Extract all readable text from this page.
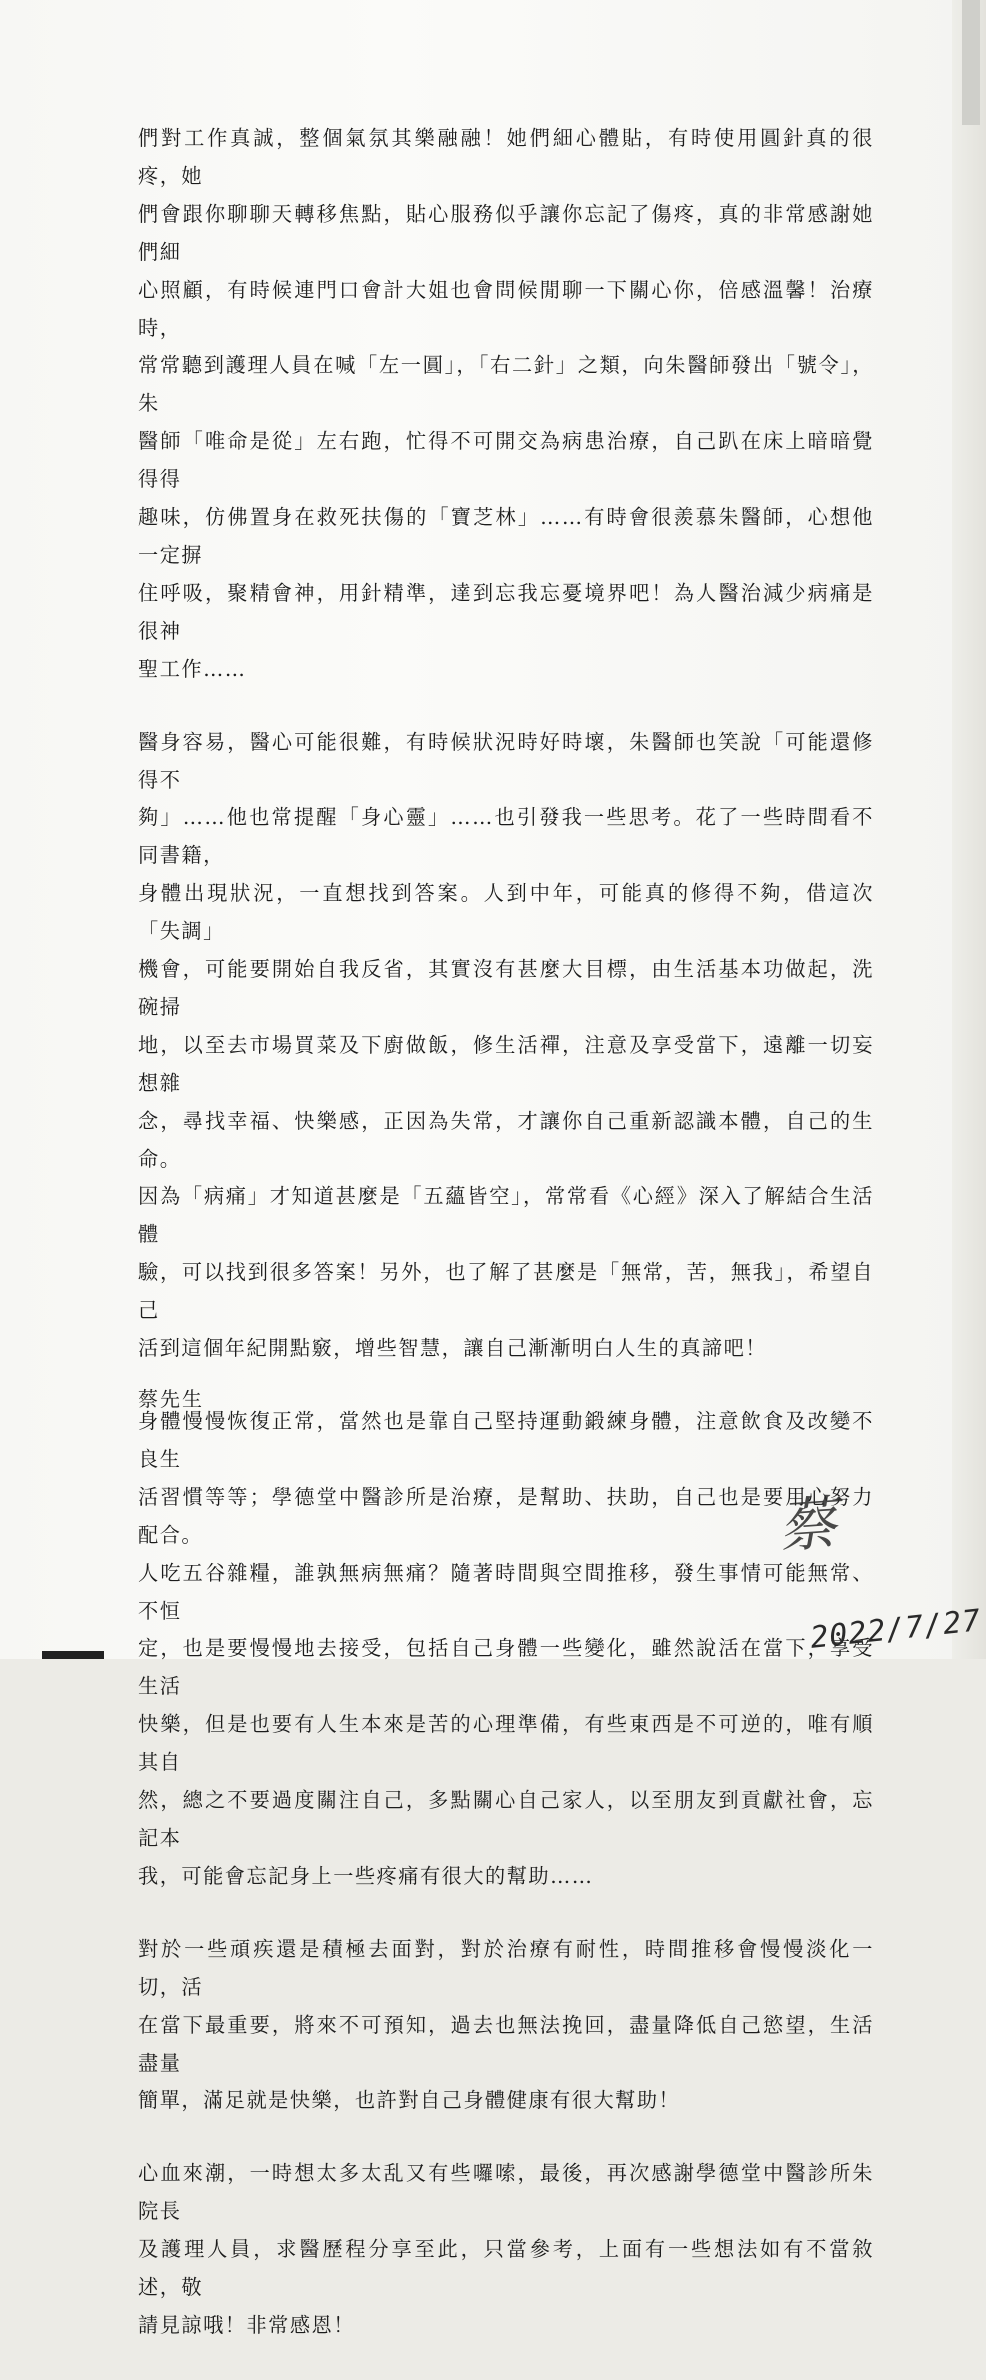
們對工作真誠，整個氣氛其樂融融！她們細心體貼，有時使用圓針真的很疼，她
們會跟你聊聊天轉移焦點，貼心服務似乎讓你忘記了傷疼，真的非常感謝她們細
心照顧，有時候連門口會計大姐也會問候閒聊一下關心你，倍感溫馨！治療時，
常常聽到護理人員在喊「左一圓」，「右二針」之類，向朱醫師發出「號令」，朱
醫師「唯命是從」左右跑，忙得不可開交為病患治療，自己趴在床上暗暗覺得得
趣味，仿佛置身在救死扶傷的「寶芝林」……有時會很羨慕朱醫師，心想他一定摒
住呼吸，聚精會神，用針精準，達到忘我忘憂境界吧！為人醫治減少病痛是很神
聖工作……

醫身容易，醫心可能很難，有時候狀況時好時壞，朱醫師也笑說「可能還修得不
夠」……他也常提醒「身心靈」……也引發我一些思考。花了一些時間看不同書籍，
身體出現狀況，一直想找到答案。人到中年，可能真的修得不夠，借這次「失調」
機會，可能要開始自我反省，其實沒有甚麼大目標，由生活基本功做起，洗碗掃
地，以至去市場買菜及下廚做飯，修生活禪，注意及享受當下，遠離一切妄想雜
念，尋找幸福、快樂感，正因為失常，才讓你自己重新認識本體，自己的生命。
因為「病痛」才知道甚麼是「五蘊皆空」，常常看《心經》深入了解結合生活體
驗，可以找到很多答案！另外，也了解了甚麼是「無常，苦，無我」，希望自己
活到這個年紀開點竅，增些智慧，讓自己漸漸明白人生的真諦吧！

身體慢慢恢復正常，當然也是靠自己堅持運動鍛練身體，注意飲食及改變不良生
活習慣等等；學德堂中醫診所是治療，是幫助、扶助，自己也是要用心努力配合。
人吃五谷雜糧，誰孰無病無痛？隨著時間與空間推移，發生事情可能無常、不恒
定，也是要慢慢地去接受，包括自己身體一些變化，雖然說活在當下，享受生活
快樂，但是也要有人生本來是苦的心理準備，有些東西是不可逆的，唯有順其自
然，總之不要過度關注自己，多點關心自己家人，以至朋友到貢獻社會，忘記本
我，可能會忘記身上一些疼痛有很大的幫助……

對於一些頑疾還是積極去面對，對於治療有耐性，時間推移會慢慢淡化一切，活
在當下最重要，將來不可預知，過去也無法挽回，盡量降低自己慾望，生活盡量
簡單，滿足就是快樂，也許對自己身體健康有很大幫助！

心血來潮，一時想太多太乱又有些囉嗦，最後，再次感謝學德堂中醫診所朱院長
及護理人員，求醫歷程分享至此，只當參考，上面有一些想法如有不當敘述，敬
請見諒哦！非常感恩！

蔡先生
蔡
2022/7/27
